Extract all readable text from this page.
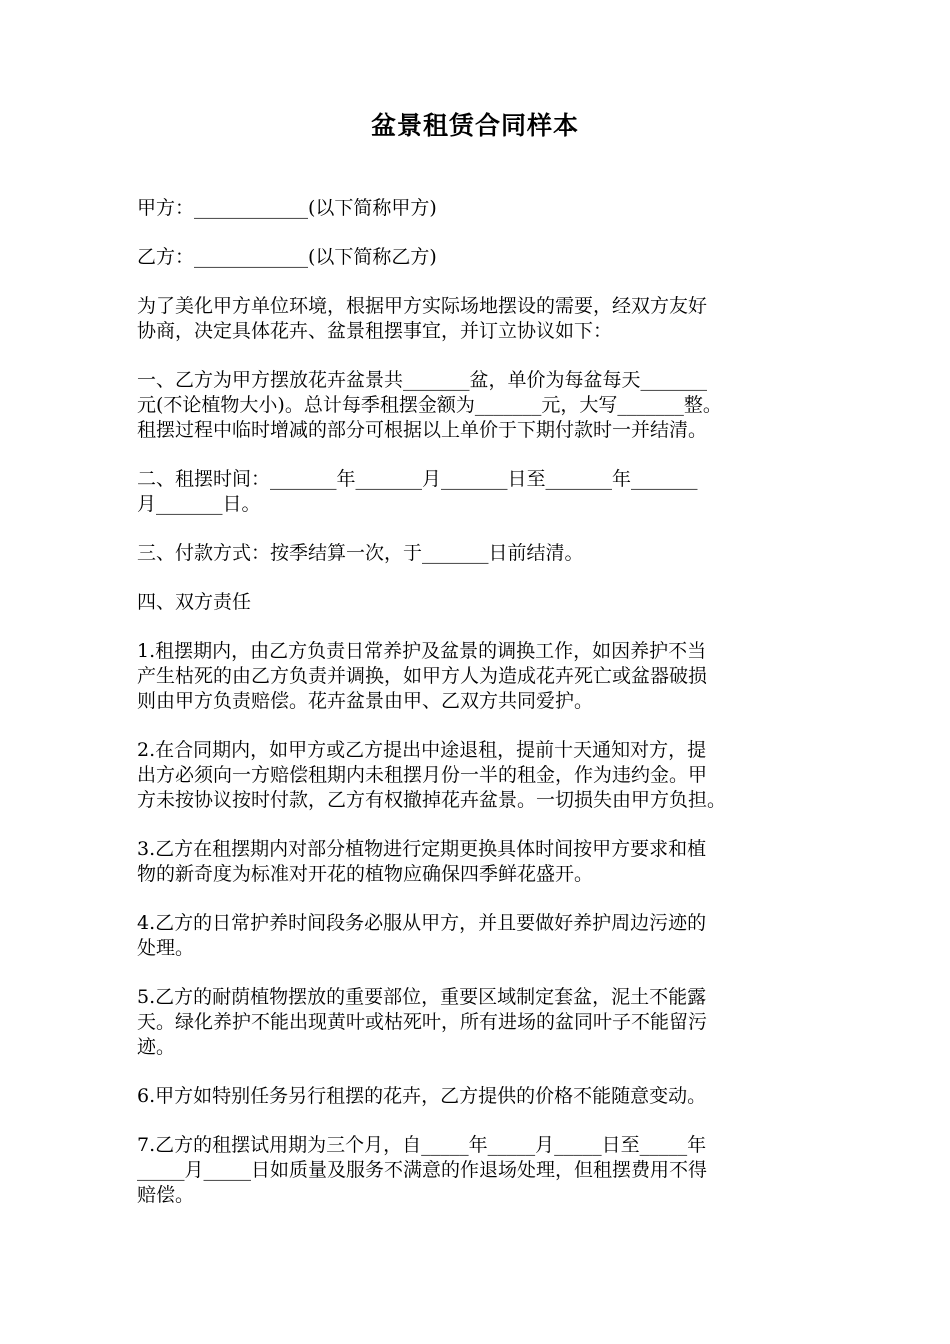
盆景租赁合同样本
甲方：____________(以下简称甲方)
乙方：____________(以下简称乙方)
为了美化甲方单位环境，根据甲方实际场地摆设的需要，经双方友好
协商，决定具体花卉、盆景租摆事宜，并订立协议如下：
一、乙方为甲方摆放花卉盆景共_______盆，单价为每盆每天_______
元(不论植物大小)。总计每季租摆金额为_______元，大写_______整。
租摆过程中临时增减的部分可根据以上单价于下期付款时一并结清。
二、租摆时间：_______年_______月_______日至_______年_______
月_______日。
三、付款方式：按季结算一次，于_______日前结清。
四、双方责任
1.租摆期内，由乙方负责日常养护及盆景的调换工作，如因养护不当
产生枯死的由乙方负责并调换，如甲方人为造成花卉死亡或盆器破损
则由甲方负责赔偿。花卉盆景由甲、乙双方共同爱护。
2.在合同期内，如甲方或乙方提出中途退租，提前十天通知对方，提
出方必须向一方赔偿租期内未租摆月份一半的租金，作为违约金。甲
方未按协议按时付款，乙方有权撤掉花卉盆景。一切损失由甲方负担。
3.乙方在租摆期内对部分植物进行定期更换具体时间按甲方要求和植
物的新奇度为标准对开花的植物应确保四季鲜花盛开。
4.乙方的日常护养时间段务必服从甲方，并且要做好养护周边污迹的
处理。
5.乙方的耐荫植物摆放的重要部位，重要区域制定套盆，泥土不能露
天。绿化养护不能出现黄叶或枯死叶，所有进场的盆同叶子不能留污
迹。
6.甲方如特别任务另行租摆的花卉，乙方提供的价格不能随意变动。
7.乙方的租摆试用期为三个月，自_____年_____月_____日至_____年
_____月_____日如质量及服务不满意的作退场处理，但租摆费用不得
赔偿。
